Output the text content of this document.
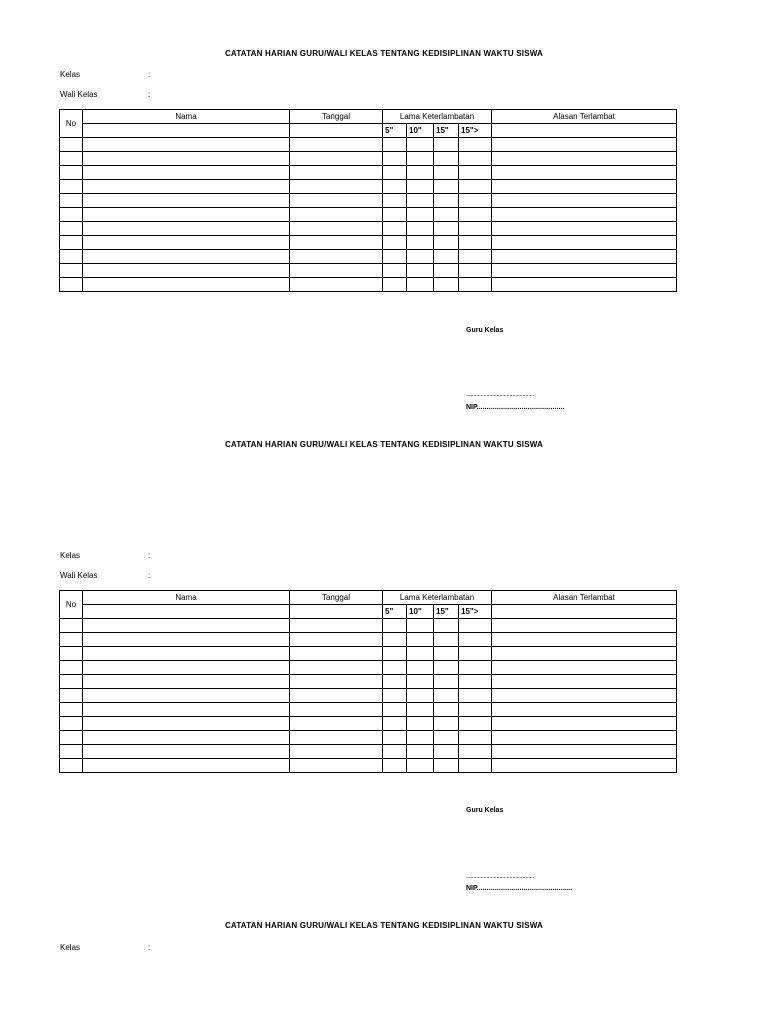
CATATAN HARIAN GURU/WALI KELAS TENTANG KEDISIPLINAN WAKTU SISWA
Kelas	:
Wali Kelas	:
No	Nama	Tanggal	Lama Keterlambatan				Alasan Terlambat
			5"	10"	15"	15">	

Guru Kelas
...............................................
NIP.............................................
CATATAN HARIAN GURU/WALI KELAS TENTANG KEDISIPLINAN WAKTU SISWA
Kelas	:
Wali Kelas	:
No	Nama	Tanggal	Lama Keterlambatan				Alasan Terlambat
			5"	10"	15"	15">	

Guru Kelas
...............................................
NIP.................................................
CATATAN HARIAN GURU/WALI KELAS TENTANG KEDISIPLINAN WAKTU SISWA
Kelas	:
